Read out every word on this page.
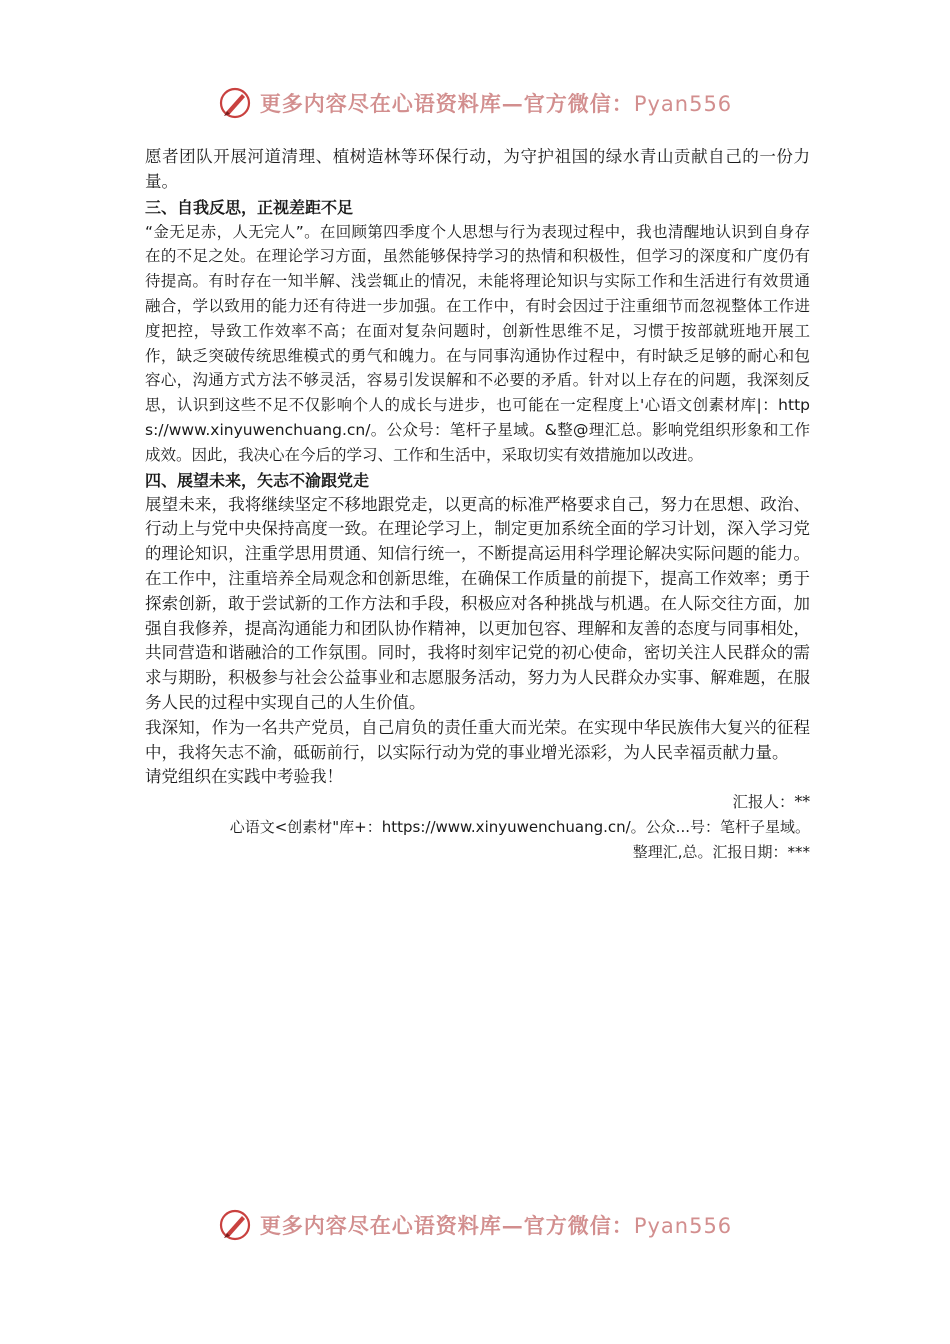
更多内容尽在心语资料库—官方微信：Pyan556

愿者团队开展河道清理、植树造林等环保行动，为守护祖国的绿水青山贡献自己的一份力量。

三、自我反思，正视差距不足

“金无足赤，人无完人”。在回顾第四季度个人思想与行为表现过程中，我也清醒地认识到自身存在的不足之处。在理论学习方面，虽然能够保持学习的热情和积极性，但学习的深度和广度仍有待提高。有时存在一知半解、浅尝辄止的情况，未能将理论知识与实际工作和生活进行有效贯通融合，学以致用的能力还有待进一步加强。在工作中，有时会因过于注重细节而忽视整体工作进度把控，导致工作效率不高；在面对复杂问题时，创新性思维不足，习惯于按部就班地开展工作，缺乏突破传统思维模式的勇气和魄力。在与同事沟通协作过程中，有时缺乏足够的耐心和包容心，沟通方式方法不够灵活，容易引发误解和不必要的矛盾。针对以上存在的问题，我深刻反思，认识到这些不足不仅影响个人的成长与进步，也可能在一定程度上'心语文创素材库|：https://www.xinyuwenchuang.cn/。公众号：笔杆子星域。&整@理汇总。影响党组织形象和工作成效。因此，我决心在今后的学习、工作和生活中，采取切实有效措施加以改进。

四、展望未来，矢志不渝跟党走

展望未来，我将继续坚定不移地跟党走，以更高的标准严格要求自己，努力在思想、政治、行动上与党中央保持高度一致。在理论学习上，制定更加系统全面的学习计划，深入学习党的理论知识，注重学思用贯通、知信行统一，不断提高运用科学理论解决实际问题的能力。在工作中，注重培养全局观念和创新思维，在确保工作质量的前提下，提高工作效率；勇于探索创新，敢于尝试新的工作方法和手段，积极应对各种挑战与机遇。在人际交往方面，加强自我修养，提高沟通能力和团队协作精神，以更加包容、理解和友善的态度与同事相处，共同营造和谐融洽的工作氛围。同时，我将时刻牢记党的初心使命，密切关注人民群众的需求与期盼，积极参与社会公益事业和志愿服务活动，努力为人民群众办实事、解难题，在服务人民的过程中实现自己的人生价值。

我深知，作为一名共产党员，自己肩负的责任重大而光荣。在实现中华民族伟大复兴的征程中，我将矢志不渝，砥砺前行，以实际行动为党的事业增光添彩，为人民幸福贡献力量。

请党组织在实践中考验我！

汇报人：**

心语文<创素材"库+：https://www.xinyuwenchuang.cn/。公众...号：笔杆子星域。

整理汇,总。汇报日期：***

更多内容尽在心语资料库—官方微信：Pyan556
